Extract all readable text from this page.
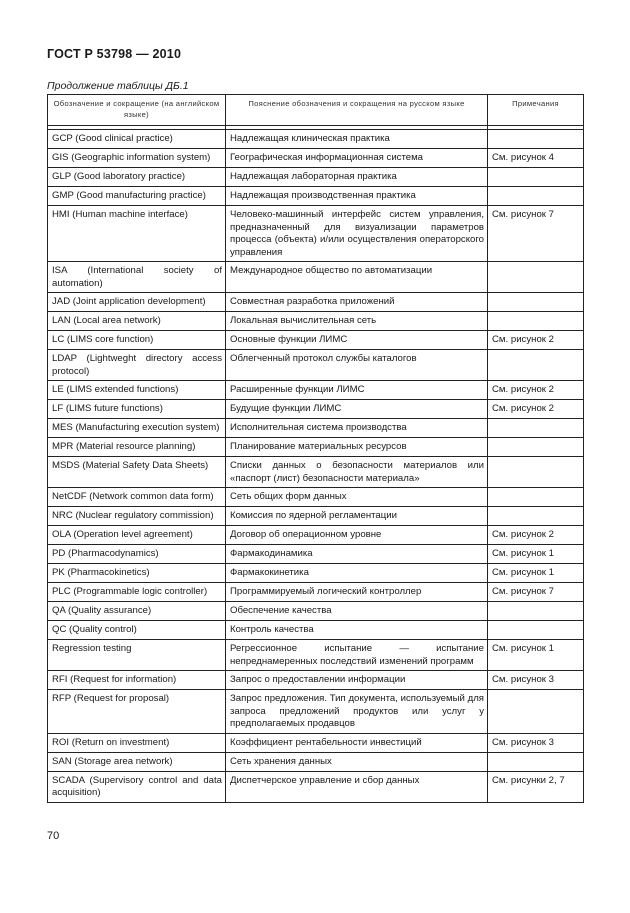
ГОСТ Р 53798 — 2010
Продолжение таблицы ДБ.1
Обозначение и сокращение (на английском языке)	Пояснение обозначения и сокращения на русском языке	Примечания

GCP (Good clinical practice)	Надлежащая клиническая практика	
GIS (Geographic information system)	Географическая информационная система	См. рисунок 4
GLP (Good laboratory practice)	Надлежащая лабораторная практика	
GMP (Good manufacturing practice)	Надлежащая производственная практика	
HMI (Human machine interface)	Человеко-машинный интерфейс систем управления, предназначенный для визуализации параметров процесса (объекта) и/или осуществления операторского управления	См. рисунок 7
ISA (International society of automation)	Международное общество по автоматизации	
JAD (Joint application development)	Совместная разработка приложений	
LAN (Local area network)	Локальная вычислительная сеть	
LC (LIMS core function)	Основные функции ЛИМС	См. рисунок 2
LDAP (Lightweght directory access protocol)	Облегченный протокол службы каталогов	
LE (LIMS extended functions)	Расширенные функции ЛИМС	См. рисунок 2
LF (LIMS future functions)	Будущие функции ЛИМС	См. рисунок 2
MES (Manufacturing execution system)	Исполнительная система производства	
MPR (Material resource planning)	Планирование материальных ресурсов	
MSDS (Material Safety Data Sheets)	Списки данных о безопасности материалов или «паспорт (лист) безопасности материала»	
NetCDF (Network common data form)	Сеть общих форм данных	
NRC (Nuclear regulatory commission)	Комиссия по ядерной регламентации	
OLA (Operation level agreement)	Договор об операционном уровне	См. рисунок 2
PD (Pharmacodynamics)	Фармакодинамика	См. рисунок 1
PK (Pharmacokinetics)	Фармакокинетика	См. рисунок 1
PLC (Programmable logic controller)	Программируемый логический контроллер	См. рисунок 7
QA (Quality assurance)	Обеспечение качества	
QC (Quality control)	Контроль качества	
Regression testing	Регрессионное испытание — испытание непреднамеренных последствий изменений программ	См. рисунок 1
RFI (Request for information)	Запрос о предоставлении информации	См. рисунок 3
RFP (Request for proposal)	Запрос предложения. Тип документа, используемый для запроса предложений продуктов или услуг у предполагаемых продавцов	
ROI (Return on investment)	Коэффициент рентабельности инвестиций	См. рисунок 3
SAN (Storage area network)	Сеть хранения данных	
SCADA (Supervisory control and data acquisition)	Диспетчерское управление и сбор данных	См. рисунки 2, 7
70
